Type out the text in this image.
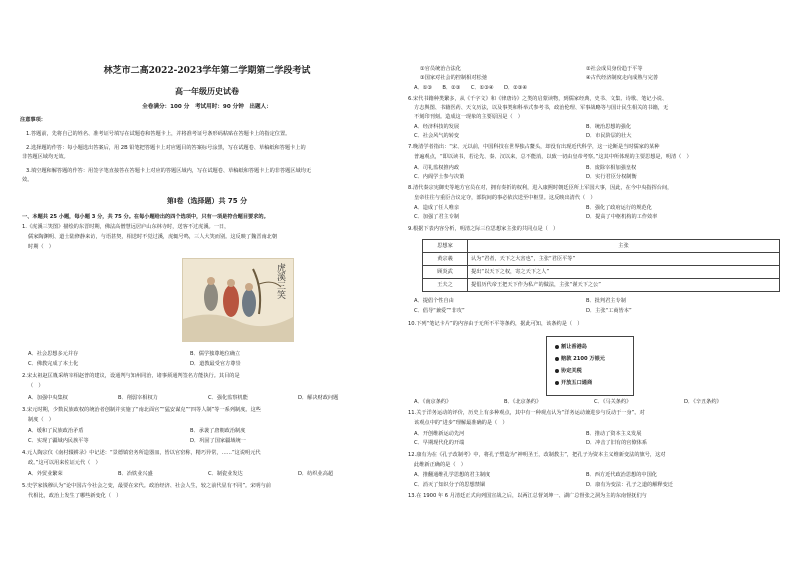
林芝市二高2022-2023学年第二学期第二学段考试
高一年级历史试卷
全卷满分：100 分　考试用时：90 分钟　出题人：
注意事项：
1.答题前，先将自己的姓名、准考证号填写在试题卷和答题卡上，并将准考证号条形码粘贴在答题卡上的指定位置。
2.选择题的作答：每小题选出答案后，用 2B 铅笔把答题卡上对应题目的答案标号涂黑，写在试题卷、草稿纸和答题卡上的
非答题区域均无效。
3.填空题和解答题的作答：用签字笔直接答在答题卡上对应的答题区域内，写在试题卷、草稿纸和答题卡上的非答题区域均无
效。
第Ⅰ卷（选择题）共 75 分
一、本题共 25 小题，每小题 3 分，共 75 分。在每小题给出的四个选项中，只有一项是符合题目要求的。
1.《虎溪三笑图》描绘的东晋时期，佛法高僧慧远居庐山东林寺时，送客不过虎溪。一日，
儒家陶渊明、道士陆修静来访，与语甚契，相送时不觉过溪，虎辄号鸣，三人大笑而别。这反映了魏晋南北朝
时期（　）
虎溪三笑
A．社会思想多元并存	B．儒学独尊地位确立
C．佛教完成了本土化	D．道教最受官方尊崇
2.宋太祖赵匡胤采纳宰相赵普的建议，设通判与知州同治，诸事须通判签名方能执行。其目的是
（　）
A．加强中央集权	B．削弱宰相权力	C．强化监察机能	D．解决财政问题
3.宋元时期，少数民族政权的统治者创制并实施了“南北面官”“猛安谋克”“四等人制”等一系列制度。这些
制度（　）
A．缓和了民族政治矛盾	B．承袭了唐朝政治制度
C．实现了疆域内民族平等	D．巩固了国家疆域统一
4.元人陶宗仪《南村辍耕录》中记述：“景德镇窑务所造器皿，皆以官窑称，精巧异常，……”这说明元代
政。”这可以用来佐证元代（　）
A．外贸业繁荣	B．冶铁业兴盛	C．制瓷业发达	D．纺织业高超
5.史学家钱穆认为“论中国古今社会之变，最要在宋代。政治经济、社会人生，较之前代显有不同”。宋明与前
代相比，政治上发生了哪些新变化（　）
①官员统治合法化	②社会成员身份趋于平等
③国家对社会的控制相对松弛	④古代经济制度走向成熟与完善
A．①③　　B．②③　　C．①③④　　D．②③④
6.宋代书籍种类繁多，从《千字文》和《律唐诗》之类的启蒙读物，到儒家经典，史书、文集、诗歌、笔记小说、
方志舆图、书籍医药、天文历法，以及事类和科举式参考书，政治伦理、军事战略等与国计民生相关的书籍，无
不刻印刊刻。造成这一现象的主要原因是（　）
A．经济科技的发展	B．统治思想的强化
C．社会风气的转变	D．市民阶层的壮大
7.晚清学者指出：“宋、元以前，中国科技在世界独占鳌头，却没有出现近代科学，这一论断是当时儒家的某种
普遍观点，“即以读书，若论先、秦、汉以来，总不能消，以致一切由皇帝考察。”这其中所体现的主要思想是，明清（　）
A．司礼监权推内政	B．废除宰相加强皇权
C．内阁学士参与决策	D．实行君臣分权制衡
8.清代秦宗宪御史等地方官员在对，拥有奏折的权利，进入康熙时朝廷臣所上军国大事，因此，在今中央指挥台间，
皇帝往往与重臣合议定夺，部院间的事必依次送至中枢里。这反映出清代（　）
A．造成了任人唯亲	B．强化了政府运行的规范化
C．加强了君主专制	D．提高了中枢机构的工作效率
9.根据下表内容分析，明清之际三位思想家主张的共同点是（　）
思想家	主张
黄宗羲	认为“君者，天下之大害也”，主张“君臣平等”
顾炎武	提出“以天下之权，寄之天下之人”
王夫之	提倡历代帝王把天下作为私产的做法，主张“谨天下之公”
A．提倡个性自由	B．批判君主专制
C．倡导“兼爱”“非攻”	D．主张“工商皆本”
10.下列“笔记卡片”的内容由于无所不平等条约，据此可知，该条约是（　）
割让香港岛
赔款 2100 万银元
协定关税
开放五口通商
A．《南京条约》	B．《北京条约》	C．《马关条约》	D．《辛丑条约》
11.关于洋务运动的评价，历史上有多种观点，其中有一种观点认为“洋务运动兼进步与反动于一身”。对
该观点中的“进步”理解最准确的是（　）
A．开创维新运动先河	B．推动了资本主义发展
C．早期现代化的开端	D．冲击了旧有的官僚体系
12.康有为在《孔子改制考》中，将孔子塑造为“神明圣王，改制教主”，把孔子为资本主义维新变法的旗号，这对
此维新正确的是（　）
A．推翻通维孔学思想的君主制度	B．西方近代政治思想的中国化
C．消灭了知识分子的思想禁锢	D．康有为变法：孔子之道的解释变迁
13.在 1900 年 6 月清廷正式向列国宣战之后，以两江总督刘坤一、湖广总督张之洞为主的东南督抚们与
